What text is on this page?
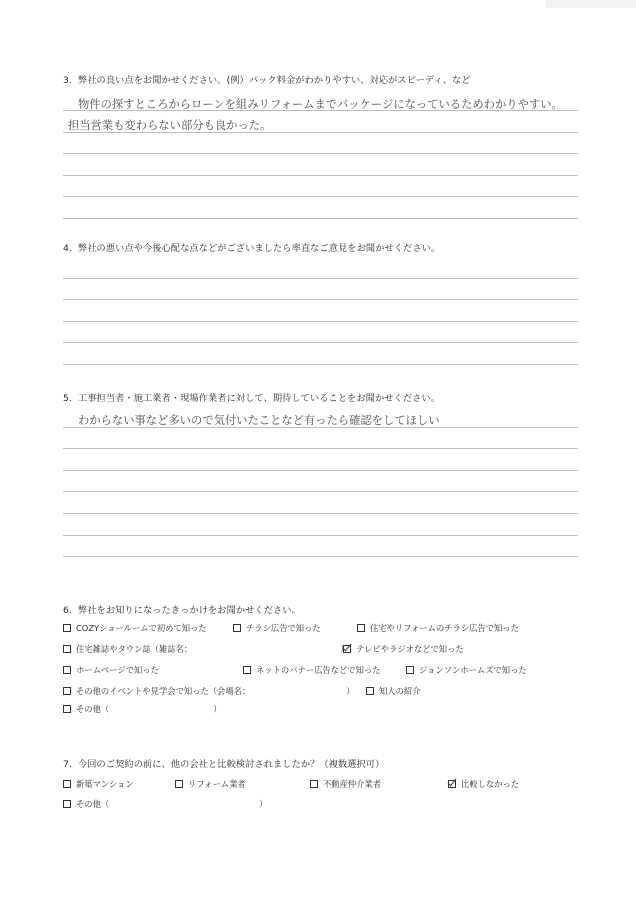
3. 弊社の良い点をお聞かせください。(例）パック料金がわかりやすい、対応がスピーディ、など
物件の探すところからローンを組みリフォームまでパッケージになっているためわかりやすい。
担当営業も変わらない部分も良かった。
4. 弊社の悪い点や今後心配な点などがございましたら率直なご意見をお聞かせください。
5. 工事担当者・施工業者・現場作業者に対して、期待していることをお聞かせください。
わからない事など多いので気付いたことなど有ったら確認をしてほしい
6. 弊社をお知りになったきっかけをお聞かせください。
COZYショールームで初めて知った	チラシ広告で知った	住宅やリフォームのチラシ広告で知った
住宅雑誌やタウン誌（雑誌名：	） テレビやラジオなどで知った
ホームページで知った	ネットのバナー広告などで知った	ジョンソンホームズで知った
その他のイベントや見学会で知った（会場名：	）	知人の紹介
その他（	）
7. 今回のご契約の前に、他の会社と比較検討されましたか？（複数選択可）
新築マンション	リフォーム業者	不動産仲介業者	比較しなかった
その他（	）
